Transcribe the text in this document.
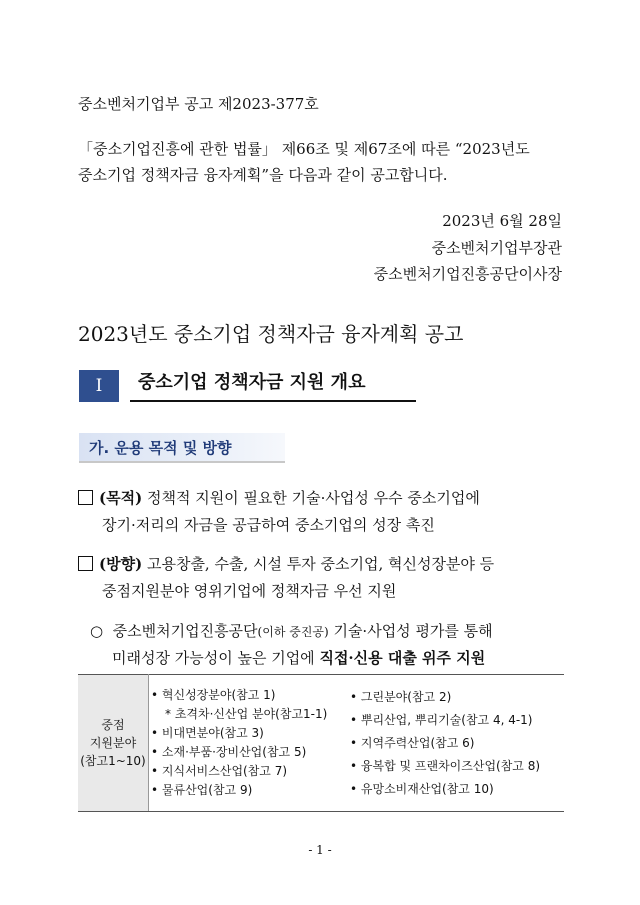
중소벤처기업부 공고 제2023-377호
「중소기업진흥에 관한 법률」 제66조 및 제67조에 따른 “2023년도
중소기업 정책자금 융자계획”을 다음과 같이 공고합니다.
2023년 6월 28일
중소벤처기업부장관
중소벤처기업진흥공단이사장
2023년도 중소기업 정책자금 융자계획 공고
Ⅰ	중소기업 정책자금 지원 개요
가. 운용 목적 및 방향
(목적) 정책적 지원이 필요한 기술·사업성 우수 중소기업에
장기·저리의 자금을 공급하여 중소기업의 성장 촉진
(방향) 고용창출, 수출, 시설 투자 중소기업, 혁신성장분야 등
중점지원분야 영위기업에 정책자금 우선 지원
○ 중소벤처기업진흥공단(이하 중진공) 기술·사업성 평가를 통해
미래성장 가능성이 높은 기업에 직접·신용 대출 위주 지원
중점
지원분야
(참고1~10)

• 혁신성장분야(참고 1)
* 초격차·신산업 분야(참고1-1)
• 비대면분야(참고 3)
• 소재·부품·장비산업(참고 5)
• 지식서비스산업(참고 7)
• 물류산업(참고 9)

• 그린분야(참고 2)
• 뿌리산업, 뿌리기술(참고 4, 4-1)
• 지역주력산업(참고 6)
• 융복합 및 프랜차이즈산업(참고 8)
• 유망소비재산업(참고 10)
- 1 -
